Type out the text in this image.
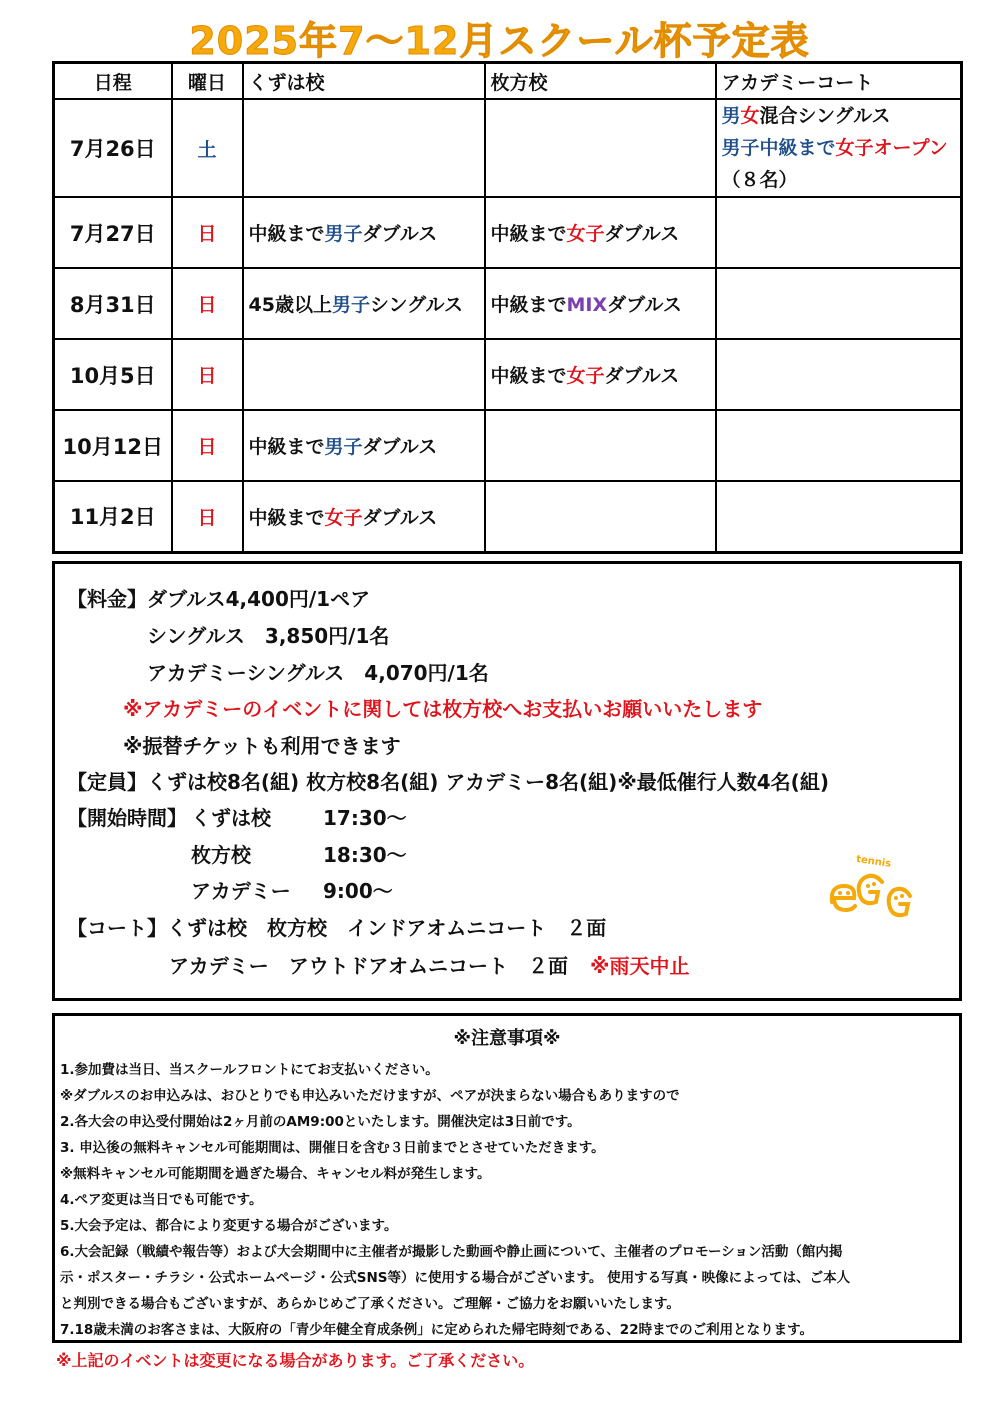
2025年7～12月スクール杯予定表
日程	曜日	くずは校	枚方校	アカデミーコート
7月26日	土			男女混合シングルス
男子中級まで女子オープン
（８名）

7月27日	日	中級まで男子ダブルス	中級まで女子ダブルス	
8月31日	日	45歳以上男子シングルス	中級までMIXダブルス	
10月5日	日		中級まで女子ダブルス	
10月12日	日	中級まで男子ダブルス		
11月2日	日	中級まで女子ダブルス		
【料金】ダブルス4,400円/1ペア
シングルス　3,850円/1名
アカデミーシングルス　4,070円/1名
※アカデミーのイベントに関しては枚方校へお支払いお願いいたします
※振替チケットも利用できます
【定員】くずは校8名(組) 枚方校8名(組) アカデミー8名(組)※最低催行人数4名(組)
【開始時間】 くずは校	17:30～
枚方校	18:30～
アカデミー 9:00～
【コート】くずは校　枚方校　インドアオムニコート　２面
アカデミー　アウトドアオムニコート　２面 ※雨天中止
tennis
※注意事項※
1.参加費は当日、当スクールフロントにてお支払いください。
※ダブルスのお申込みは、おひとりでも申込みいただけますが、ペアが決まらない場合もありますので
2.各大会の申込受付開始は2ヶ月前のAM9:00といたします。開催決定は3日前です。
3. 申込後の無料キャンセル可能期間は、開催日を含む３日前までとさせていただきます。
※無料キャンセル可能期間を過ぎた場合、キャンセル料が発生します。
4.ペア変更は当日でも可能です。
5.大会予定は、都合により変更する場合がございます。
6.大会記録（戦績や報告等）および大会期間中に主催者が撮影した動画や静止画について、主催者のプロモーション活動（館内掲
示・ポスター・チラシ・公式ホームページ・公式SNS等）に使用する場合がございます。 使用する写真・映像によっては、ご本人
と判別できる場合もございますが、あらかじめご了承ください。ご理解・ご協力をお願いいたします。
7.18歳未満のお客さまは、大阪府の「青少年健全育成条例」に定められた帰宅時刻である、22時までのご利用となります。
※上記のイベントは変更になる場合があります。ご了承ください。
